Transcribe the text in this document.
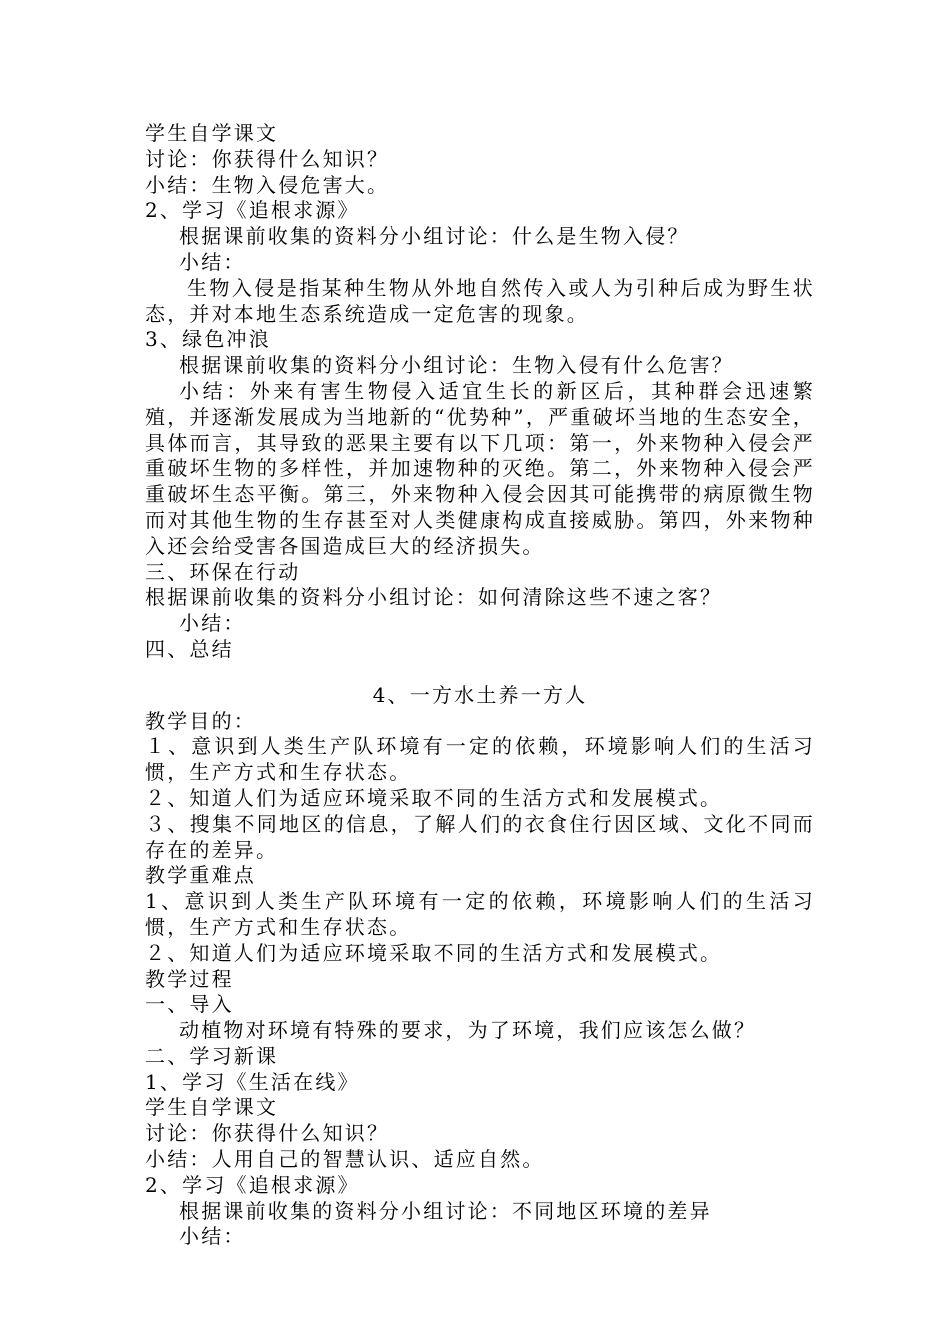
学生自学课文

讨论：你获得什么知识？

小结：生物入侵危害大。

2、学习《追根求源》

根据课前收集的资料分小组讨论：什么是生物入侵？

小结：

生物入侵是指某种生物从外地自然传入或人为引种后成为野生状态，并对本地生态系统造成一定危害的现象。

3、绿色冲浪

根据课前收集的资料分小组讨论：生物入侵有什么危害？

小结：外来有害生物侵入适宜生长的新区后，其种群会迅速繁殖，并逐渐发展成为当地新的“优势种”，严重破坏当地的生态安全，具体而言，其导致的恶果主要有以下几项：第一，外来物种入侵会严重破坏生物的多样性，并加速物种的灭绝。第二，外来物种入侵会严重破坏生态平衡。第三，外来物种入侵会因其可能携带的病原微生物而对其他生物的生存甚至对人类健康构成直接威胁。第四，外来物种入还会给受害各国造成巨大的经济损失。

三、环保在行动

根据课前收集的资料分小组讨论：如何清除这些不速之客？

小结：

四、总结

4、一方水土养一方人

教学目的：

１、意识到人类生产队环境有一定的依赖，环境影响人们的生活习惯，生产方式和生存状态。

２、知道人们为适应环境采取不同的生活方式和发展模式。

３、搜集不同地区的信息，了解人们的衣食住行因区域、文化不同而存在的差异。

教学重难点

1、意识到人类生产队环境有一定的依赖，环境影响人们的生活习惯，生产方式和生存状态。

２、知道人们为适应环境采取不同的生活方式和发展模式。

教学过程

一、导入

动植物对环境有特殊的要求，为了环境，我们应该怎么做？

二、学习新课

1、学习《生活在线》

学生自学课文

讨论：你获得什么知识？

小结：人用自己的智慧认识、适应自然。

2、学习《追根求源》

根据课前收集的资料分小组讨论：不同地区环境的差异

小结：
